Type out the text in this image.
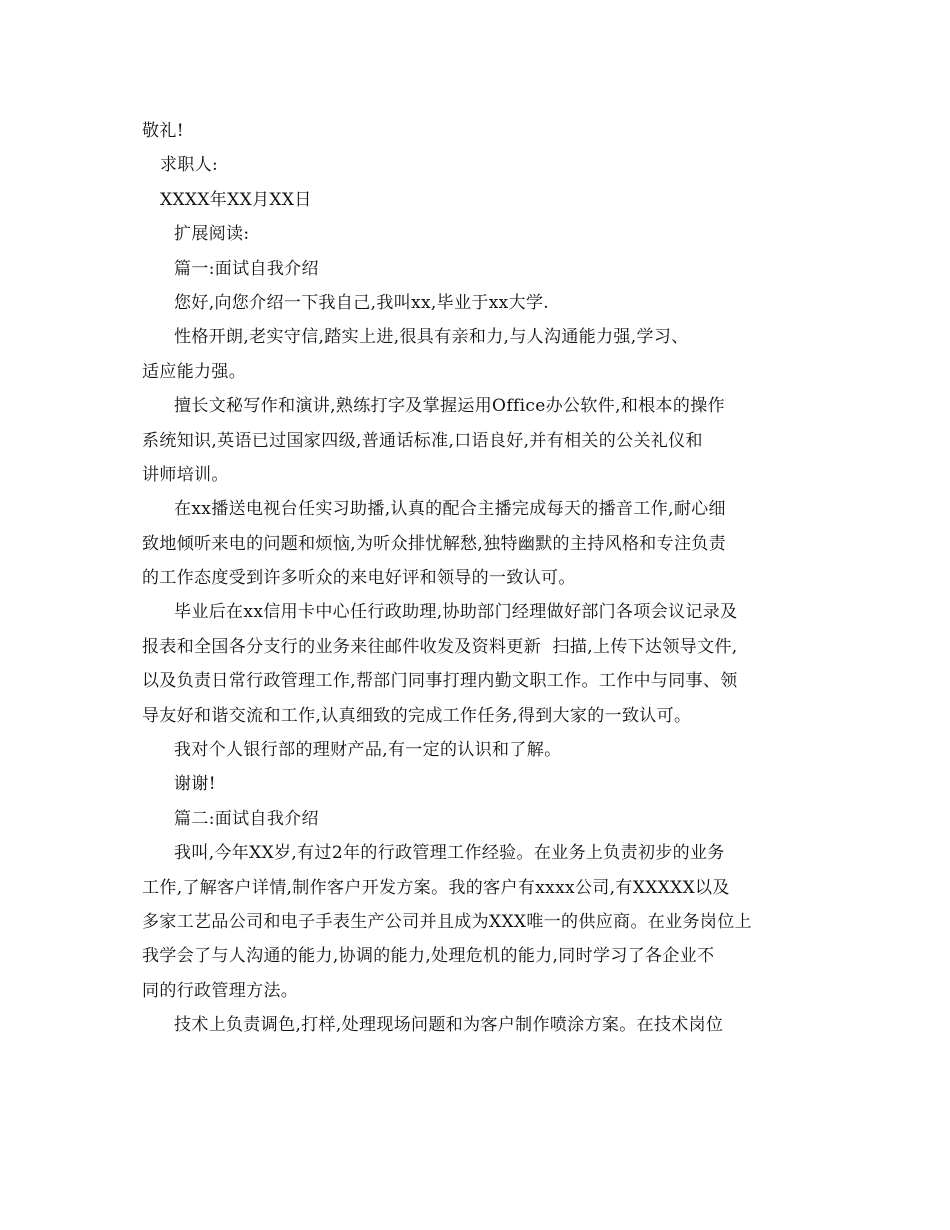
敬礼!
求职人:
XXXX年XX月XX日
扩展阅读:
篇一:面试自我介绍
您好,向您介绍一下我自己,我叫xx,毕业于xx大学.
性格开朗,老实守信,踏实上进,很具有亲和力,与人沟通能力强,学习、
适应能力强。
擅长文秘写作和演讲,熟练打字及掌握运用Office办公软件,和根本的操作
系统知识,英语已过国家四级,普通话标准,口语良好,并有相关的公关礼仪和
讲师培训。
在xx播送电视台任实习助播,认真的配合主播完成每天的播音工作,耐心细
致地倾听来电的问题和烦恼,为听众排忧解愁,独特幽默的主持风格和专注负责
的工作态度受到许多听众的来电好评和领导的一致认可。
毕业后在xx信用卡中心任行政助理,协助部门经理做好部门各项会议记录及
报表和全国各分支行的业务来往邮件收发及资料更新  扫描,上传下达领导文件,
以及负责日常行政管理工作,帮部门同事打理内勤文职工作。工作中与同事、领
导友好和谐交流和工作,认真细致的完成工作任务,得到大家的一致认可。
我对个人银行部的理财产品,有一定的认识和了解。
谢谢!
篇二:面试自我介绍
我叫,今年XX岁,有过2年的行政管理工作经验。在业务上负责初步的业务
工作,了解客户详情,制作客户开发方案。我的客户有xxxx公司,有XXXXX以及
多家工艺品公司和电子手表生产公司并且成为XXX唯一的供应商。在业务岗位上
我学会了与人沟通的能力,协调的能力,处理危机的能力,同时学习了各企业不
同的行政管理方法。
技术上负责调色,打样,处理现场问题和为客户制作喷涂方案。在技术岗位
